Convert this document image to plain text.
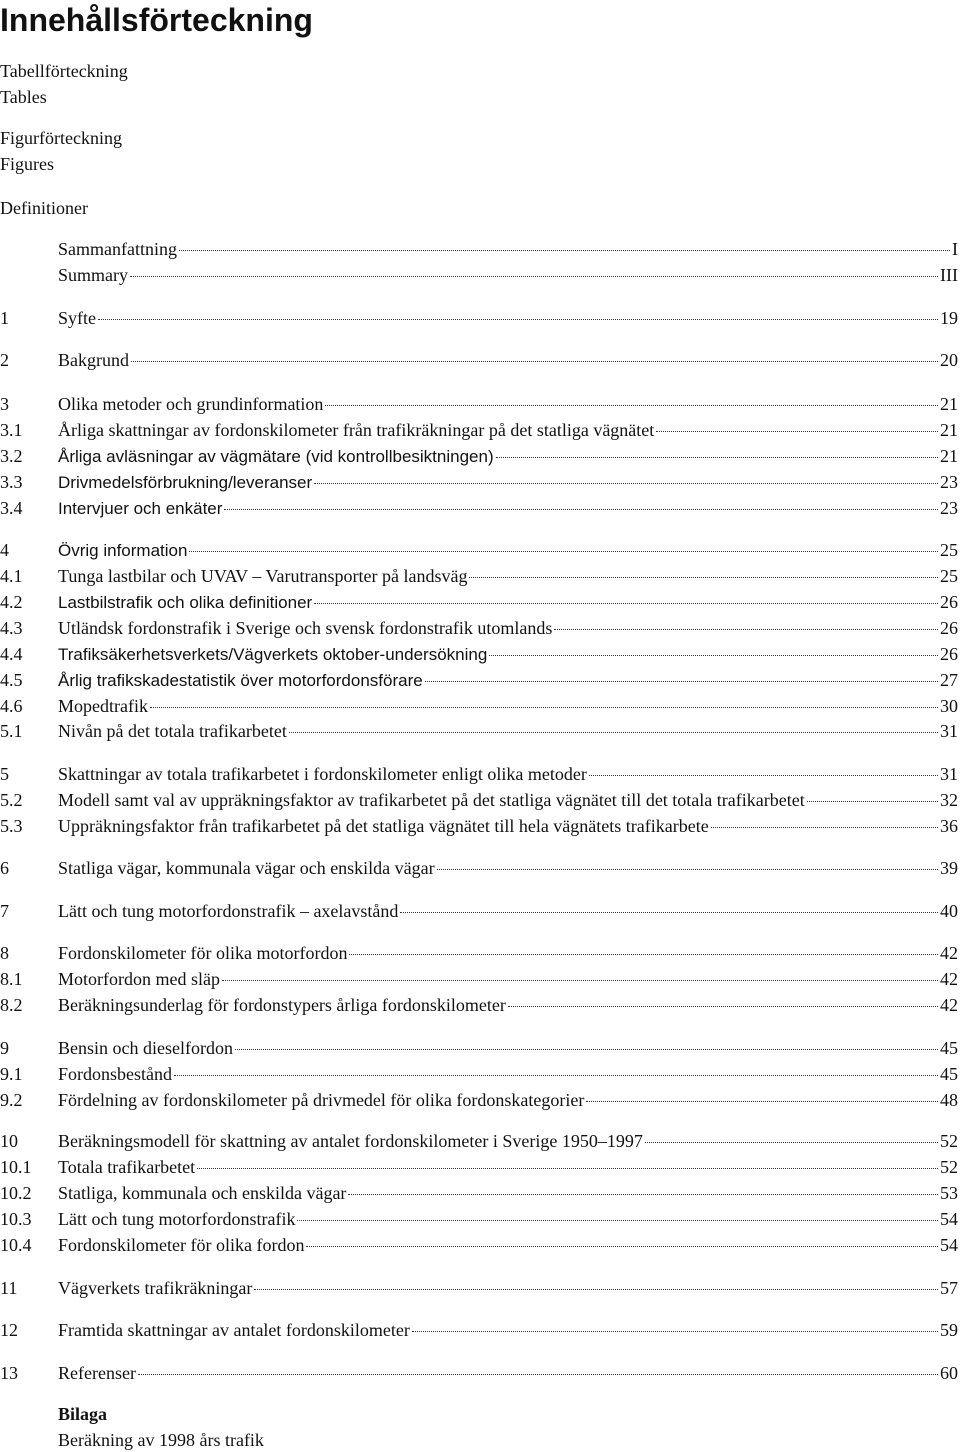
Innehållsförteckning
Tabellförteckning
Tables
Figurförteckning
Figures
Definitioner
Sammanfattning	I
Summary	III
1	Syfte	19
2	Bakgrund	20
3	Olika metoder och grundinformation	21
3.1	Årliga skattningar av fordonskilometer från trafikräkningar på det statliga vägnätet	21
3.2	Årliga avläsningar av vägmätare (vid kontrollbesiktningen)	21
3.3	Drivmedelsförbrukning/leveranser	23
3.4	Intervjuer och enkäter	23
4	Övrig information	25
4.1	Tunga lastbilar och UVAV – Varutransporter på landsväg	25
4.2	Lastbilstrafik och olika definitioner	26
4.3	Utländsk fordonstrafik i Sverige och svensk fordonstrafik utomlands	26
4.4	Trafiksäkerhetsverkets/Vägverkets oktober-undersökning	26
4.5	Årlig trafikskadestatistik över motorfordonsförare	27
4.6	Mopedtrafik	30
5.1	Nivån på det totala trafikarbetet	31
5	Skattningar av totala trafikarbetet i fordonskilometer enligt olika metoder	31
5.2	Modell samt val av uppräkningsfaktor av trafikarbetet på det statliga vägnätet till det totala trafikarbetet	32
5.3	Uppräkningsfaktor från trafikarbetet på det statliga vägnätet till hela vägnätets trafikarbete	36
6	Statliga vägar, kommunala vägar och enskilda vägar	39
7	Lätt och tung motorfordonstrafik – axelavstånd	40
8	Fordonskilometer för olika motorfordon	42
8.1	Motorfordon med släp	42
8.2	Beräkningsunderlag för fordonstypers årliga fordonskilometer	42
9	Bensin och dieselfordon	45
9.1	Fordonsbestånd	45
9.2	Fördelning av fordonskilometer på drivmedel för olika fordonskategorier	48
10	Beräkningsmodell för skattning av antalet fordonskilometer i Sverige 1950–1997	52
10.1	Totala trafikarbetet	52
10.2	Statliga, kommunala och enskilda vägar	53
10.3	Lätt och tung motorfordonstrafik	54
10.4	Fordonskilometer för olika fordon	54
11	Vägverkets trafikräkningar	57
12	Framtida skattningar av antalet fordonskilometer	59
13	Referenser	60
Bilaga
Beräkning av 1998 års trafik
